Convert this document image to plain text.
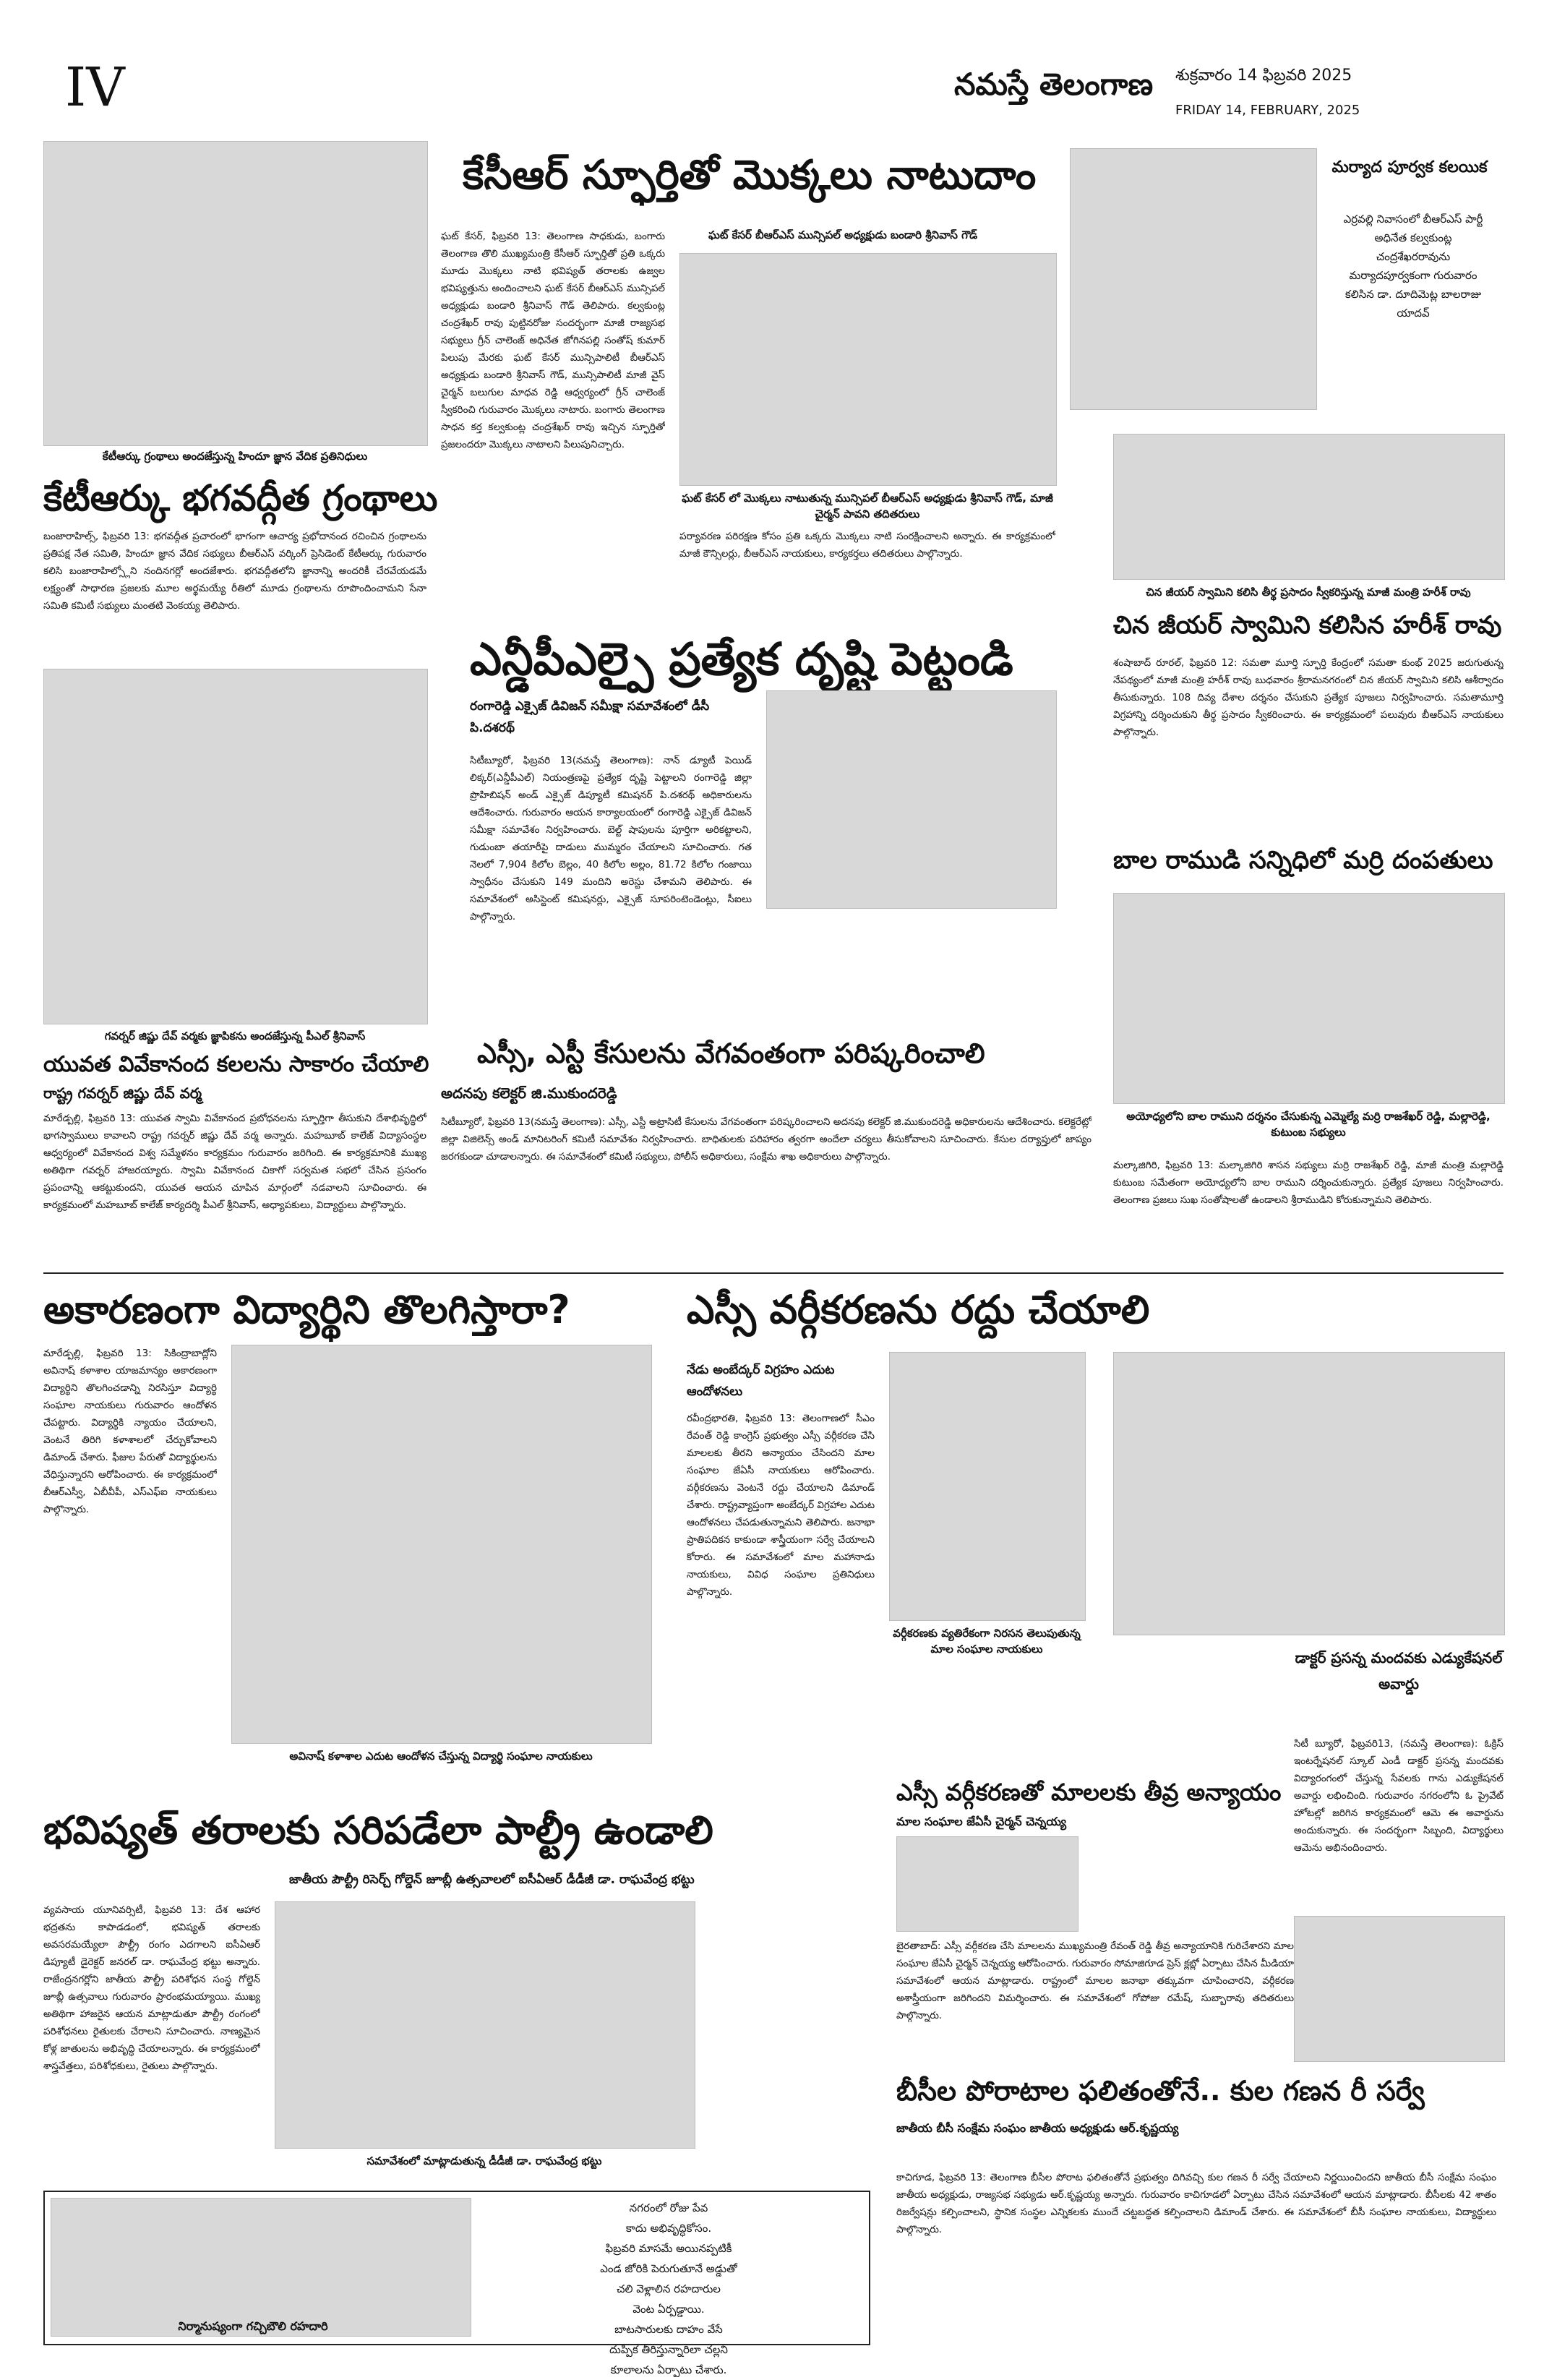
IV	నమస్తే తెలంగాణ శుక్రవారం 14 ఫిబ్రవరి 2025
FRIDAY 14, FEBRUARY, 2025
మర్యాద పూర్వక కలయిక
ఎర్రవల్లి నివాసంలో బీఆర్ఎస్ పార్టీ అధినేత కల్వకుంట్ల చంద్రశేఖరరావును మర్యాదపూర్వకంగా గురువారం కలిసిన డా. దూదిమెట్ల బాలరాజు యాదవ్
కేసీఆర్ స్ఫూర్తితో మొక్కలు నాటుదాం
ఘట్ కేసర్, ఫిబ్రవరి 13: తెలంగాణ సాధకుడు, బంగారు తెలంగాణ తొలి ముఖ్యమంత్రి కేసీఆర్ స్ఫూర్తితో ప్రతి ఒక్కరు మూడు మొక్కలు నాటి భవిష్యత్ తరాలకు ఉజ్వల భవిష్యత్తును అందించాలని ఘట్ కేసర్ బీఆర్ఎస్ మున్సిపల్ అధ్యక్షుడు బండారి శ్రీనివాస్ గౌడ్ తెలిపారు. కల్వకుంట్ల చంద్రశేఖర్ రావు పుట్టినరోజు సందర్భంగా మాజీ రాజ్యసభ సభ్యులు గ్రీన్ చాలెంజ్ అధినేత జోగినపల్లి సంతోష్ కుమార్ పిలుపు మేరకు ఘట్ కేసర్ మున్సిపాలిటీ బీఆర్ఎస్ అధ్యక్షుడు బండారి శ్రీనివాస్ గౌడ్, మున్సిపాలిటీ మాజీ వైస్ చైర్మన్ బలుగుల మాధవ రెడ్డి ఆధ్వర్యంలో గ్రీన్ చాలెంజ్ స్వీకరించి గురువారం మొక్కలు నాటారు. బంగారు తెలంగాణ సాధన కర్త కల్వకుంట్ల చంద్రశేఖర్ రావు ఇచ్చిన స్ఫూర్తితో ప్రజలందరూ మొక్కలు నాటాలని పిలుపునిచ్చారు.
ఘట్ కేసర్ బీఆర్ఎస్ మున్సిపల్ అధ్యక్షుడు బండారి శ్రీనివాస్ గౌడ్
ఘట్ కేసర్ లో మొక్కలు నాటుతున్న మున్సిపల్ బీఆర్ఎస్ అధ్యక్షుడు శ్రీనివాస్ గౌడ్, మాజీ చైర్మన్ పావని తదితరులు
పర్యావరణ పరిరక్షణ కోసం ప్రతి ఒక్కరు మొక్కలు నాటి సంరక్షించాలని అన్నారు. ఈ కార్యక్రమంలో మాజీ కౌన్సిలర్లు, బీఆర్ఎస్ నాయకులు, కార్యకర్తలు తదితరులు పాల్గొన్నారు.
కేటీఆర్కు గ్రంథాలు అందజేస్తున్న హిందూ జ్ఞాన వేదిక ప్రతినిధులు
కేటీఆర్కు భగవద్గీత గ్రంథాలు
బంజారాహిల్స్, ఫిబ్రవరి 13: భగవద్గీత ప్రచారంలో భాగంగా ఆచార్య ప్రభోదానంద రచించిన గ్రంథాలను ప్రతిపక్ష నేత సమితి, హిందూ జ్ఞాన వేదిక సభ్యులు బీఆర్ఎస్ వర్కింగ్ ప్రెసిడెంట్ కేటీఆర్కు గురువారం కలిసి బంజారాహిల్స్లోని నందినగర్లో అందజేశారు. భగవద్గీతలోని జ్ఞానాన్ని అందరికీ చేరవేయడమే లక్ష్యంతో సాధారణ ప్రజలకు మూల అర్థమయ్యే రీతిలో మూడు గ్రంథాలను రూపొందించామని సేనా సమితి కమిటీ సభ్యులు మంతటి వెంకయ్య తెలిపారు.
ఎన్డీపీఎల్పై ప్రత్యేక దృష్టి పెట్టండి
రంగారెడ్డి ఎక్సైజ్ డివిజన్ సమీక్షా సమావేశంలో డీసీ పి.దశరథ్
సిటీబ్యూరో, ఫిబ్రవరి 13(నమస్తే తెలంగాణ): నాన్ డ్యూటీ పెయిడ్ లిక్కర్(ఎన్డీపీఎల్) నియంత్రణపై ప్రత్యేక దృష్టి పెట్టాలని రంగారెడ్డి జిల్లా ప్రొహిబిషన్ అండ్ ఎక్సైజ్ డిప్యూటీ కమిషనర్ పి.దశరథ్ అధికారులను ఆదేశించారు. గురువారం ఆయన కార్యాలయంలో రంగారెడ్డి ఎక్సైజ్ డివిజన్ సమీక్షా సమావేశం నిర్వహించారు. బెల్ట్ షాపులను పూర్తిగా అరికట్టాలని, గుడుంబా తయారీపై దాడులు ముమ్మరం చేయాలని సూచించారు. గత నెలలో 7,904 కిలోల బెల్లం, 40 కిలోల అల్లం, 81.72 కిలోల గంజాయి స్వాధీనం చేసుకుని 149 మందిని అరెస్టు చేశామని తెలిపారు. ఈ సమావేశంలో అసిస్టెంట్ కమిషనర్లు, ఎక్సైజ్ సూపరింటెండెంట్లు, సీఐలు పాల్గొన్నారు.
గవర్నర్ జిష్ణు దేవ్ వర్మకు జ్ఞాపికను అందజేస్తున్న పీఎల్ శ్రీనివాస్
యువత వివేకానంద కలలను సాకారం చేయాలి
రాష్ట్ర గవర్నర్ జిష్ణు దేవ్ వర్మ
మారేడ్పల్లి, ఫిబ్రవరి 13: యువత స్వామి వివేకానంద ప్రబోధనలను స్ఫూర్తిగా తీసుకుని దేశాభివృద్ధిలో భాగస్వాములు కావాలని రాష్ట్ర గవర్నర్ జిష్ణు దేవ్ వర్మ అన్నారు. మహబూబ్ కాలేజ్ విద్యాసంస్థల ఆధ్వర్యంలో వివేకానంద విశ్వ సమ్మేళనం కార్యక్రమం గురువారం జరిగింది. ఈ కార్యక్రమానికి ముఖ్య అతిథిగా గవర్నర్ హాజరయ్యారు. స్వామి వివేకానంద చికాగో సర్వమత సభలో చేసిన ప్రసంగం ప్రపంచాన్ని ఆకట్టుకుందని, యువత ఆయన చూపిన మార్గంలో నడవాలని సూచించారు. ఈ కార్యక్రమంలో మహబూబ్ కాలేజ్ కార్యదర్శి పీఎల్ శ్రీనివాస్, అధ్యాపకులు, విద్యార్థులు పాల్గొన్నారు.
చిన జీయర్ స్వామిని కలిసి తీర్థ ప్రసాదం స్వీకరిస్తున్న మాజీ మంత్రి హరీశ్ రావు
చిన జీయర్ స్వామిని కలిసిన హరీశ్ రావు
శంషాబాద్ రూరల్, ఫిబ్రవరి 12: సమతా మూర్తి స్ఫూర్తి కేంద్రంలో సమతా కుంభ్ 2025 జరుగుతున్న నేపథ్యంలో మాజీ మంత్రి హరీశ్ రావు బుధవారం శ్రీరామనగరంలో చిన జీయర్ స్వామిని కలిసి ఆశీర్వాదం తీసుకున్నారు. 108 దివ్య దేశాల దర్శనం చేసుకుని ప్రత్యేక పూజలు నిర్వహించారు. సమతామూర్తి విగ్రహాన్ని దర్శించుకుని తీర్థ ప్రసాదం స్వీకరించారు. ఈ కార్యక్రమంలో పలువురు బీఆర్ఎస్ నాయకులు పాల్గొన్నారు.
బాల రాముడి సన్నిధిలో మర్రి దంపతులు
అయోధ్యలోని బాల రాముని దర్శనం చేసుకున్న ఎమ్మెల్యే మర్రి రాజశేఖర్ రెడ్డి, మల్లారెడ్డి, కుటుంబ సభ్యులు
మల్కాజిగిరి, ఫిబ్రవరి 13: మల్కాజిగిరి శాసన సభ్యులు మర్రి రాజశేఖర్ రెడ్డి, మాజీ మంత్రి మల్లారెడ్డి కుటుంబ సమేతంగా అయోధ్యలోని బాల రాముని దర్శించుకున్నారు. ప్రత్యేక పూజలు నిర్వహించారు. తెలంగాణ ప్రజలు సుఖ సంతోషాలతో ఉండాలని శ్రీరాముడిని కోరుకున్నామని తెలిపారు.
ఎస్సీ, ఎస్టీ కేసులను వేగవంతంగా పరిష్కరించాలి
అదనపు కలెక్టర్ జి.ముకుందరెడ్డి
సిటీబ్యూరో, ఫిబ్రవరి 13(నమస్తే తెలంగాణ): ఎస్సీ, ఎస్టీ అట్రాసిటీ కేసులను వేగవంతంగా పరిష్కరించాలని అదనపు కలెక్టర్ జి.ముకుందరెడ్డి అధికారులను ఆదేశించారు. కలెక్టరేట్లో జిల్లా విజిలెన్స్ అండ్ మానిటరింగ్ కమిటీ సమావేశం నిర్వహించారు. బాధితులకు పరిహారం త్వరగా అందేలా చర్యలు తీసుకోవాలని సూచించారు. కేసుల దర్యాప్తులో జాప్యం జరగకుండా చూడాలన్నారు. ఈ సమావేశంలో కమిటీ సభ్యులు, పోలీస్ అధికారులు, సంక్షేమ శాఖ అధికారులు పాల్గొన్నారు.
అకారణంగా విద్యార్థిని తొలగిస్తారా?
మారేడ్పల్లి, ఫిబ్రవరి 13: సికింద్రాబాద్లోని అవినాష్ కళాశాల యాజమాన్యం అకారణంగా విద్యార్థిని తొలగించడాన్ని నిరసిస్తూ విద్యార్థి సంఘాల నాయకులు గురువారం ఆందోళన చేపట్టారు. విద్యార్థికి న్యాయం చేయాలని, వెంటనే తిరిగి కళాశాలలో చేర్చుకోవాలని డిమాండ్ చేశారు. ఫీజుల పేరుతో విద్యార్థులను వేధిస్తున్నారని ఆరోపించారు. ఈ కార్యక్రమంలో బీఆర్ఎస్వీ, ఏబీవీపీ, ఎస్ఎఫ్ఐ నాయకులు పాల్గొన్నారు.
అవినాష్ కళాశాల ఎదుట ఆందోళన చేస్తున్న విద్యార్థి సంఘాల నాయకులు
ఎస్సీ వర్గీకరణను రద్దు చేయాలి
నేడు అంబేద్కర్ విగ్రహం ఎదుట ఆందోళనలు
రవీంద్రభారతి, ఫిబ్రవరి 13: తెలంగాణలో సీఎం రేవంత్ రెడ్డి కాంగ్రెస్ ప్రభుత్వం ఎస్సీ వర్గీకరణ చేసి మాలలకు తీరని అన్యాయం చేసిందని మాల సంఘాల జేఏసీ నాయకులు ఆరోపించారు. వర్గీకరణను వెంటనే రద్దు చేయాలని డిమాండ్ చేశారు. రాష్ట్రవ్యాప్తంగా అంబేద్కర్ విగ్రహాల ఎదుట ఆందోళనలు చేపడుతున్నామని తెలిపారు. జనాభా ప్రాతిపదికన కాకుండా శాస్త్రీయంగా సర్వే చేయాలని కోరారు. ఈ సమావేశంలో మాల మహానాడు నాయకులు, వివిధ సంఘాల ప్రతినిధులు పాల్గొన్నారు.
వర్గీకరణకు వ్యతిరేకంగా నిరసన తెలుపుతున్న మాల సంఘాల నాయకులు	డాక్టర్ ప్రసన్న మందవకు ఎడ్యుకేషనల్ అవార్డు
సిటీ బ్యూరో, ఫిబ్రవరి13, (నమస్తే తెలంగాణ): ఓక్రిస్ ఇంటర్నేషనల్ స్కూల్ ఎండీ డాక్టర్ ప్రసన్న మందవకు విద్యారంగంలో చేస్తున్న సేవలకు గాను ఎడ్యుకేషనల్ అవార్డు లభించింది. గురువారం నగరంలోని ఓ ప్రైవేట్ హోటల్లో జరిగిన కార్యక్రమంలో ఆమె ఈ అవార్డును అందుకున్నారు. ఈ సందర్భంగా సిబ్బంది, విద్యార్థులు ఆమెను అభినందించారు.
ఎస్సీ వర్గీకరణతో మాలలకు తీవ్ర అన్యాయం
మాల సంఘాల జేఏసీ చైర్మన్ చెన్నయ్య
బైరతాబాద్: ఎస్సీ వర్గీకరణ చేసి మాలలను ముఖ్యమంత్రి రేవంత్ రెడ్డి తీవ్ర అన్యాయానికి గురిచేశారని మాల సంఘాల జేఏసీ చైర్మన్ చెన్నయ్య ఆరోపించారు. గురువారం సోమాజిగూడ ప్రెస్ క్లబ్లో ఏర్పాటు చేసిన మీడియా సమావేశంలో ఆయన మాట్లాడారు. రాష్ట్రంలో మాలల జనాభా తక్కువగా చూపించారని, వర్గీకరణ అశాస్త్రీయంగా జరిగిందని విమర్శించారు. ఈ సమావేశంలో గోపోజు రమేష్, సుబ్బారావు తదితరులు పాల్గొన్నారు.
భవిష్యత్ తరాలకు సరిపడేలా పాల్ట్రీ ఉండాలి
జాతీయ పౌల్ట్రీ రిసెర్చ్ గోల్డెన్ జూబ్లీ ఉత్సవాలలో ఐసీఏఆర్ డీడీజీ డా. రాఘవేంద్ర భట్టు
వ్యవసాయ యూనివర్సిటీ, ఫిబ్రవరి 13: దేశ ఆహార భద్రతను కాపాడడంలో, భవిష్యత్ తరాలకు అవసరమయ్యేలా పౌల్ట్రీ రంగం ఎదగాలని ఐసీఏఆర్ డిప్యూటీ డైరెక్టర్ జనరల్ డా. రాఘవేంద్ర భట్టు అన్నారు. రాజేంద్రనగర్లోని జాతీయ పౌల్ట్రీ పరిశోధన సంస్థ గోల్డెన్ జూబ్లీ ఉత్సవాలు గురువారం ప్రారంభమయ్యాయి. ముఖ్య అతిథిగా హాజరైన ఆయన మాట్లాడుతూ పౌల్ట్రీ రంగంలో పరిశోధనలు రైతులకు చేరాలని సూచించారు. నాణ్యమైన కోళ్ల జాతులను అభివృద్ధి చేయాలన్నారు. ఈ కార్యక్రమంలో శాస్త్రవేత్తలు, పరిశోధకులు, రైతులు పాల్గొన్నారు.
సమావేశంలో మాట్లాడుతున్న డీడీజీ డా. రాఘవేంద్ర భట్టు
నగరంలో రోజు పేవ
కాదు అభివృద్ధికోసం.
ఫిబ్రవరి మాసమే అయినప్పటికీ
ఎండ జోరికి పెరుగుతూనే అడ్డుతో
చలి వెళ్లాలిన రహదారుల
వెంట ఏర్పడ్డాయి.
బాటసారులకు దాహం వేసే
దుప్పిక తీరిస్తున్నారిలా చల్లని
కూలాలను ఏర్పాటు చేశారు.
నిర్మానుష్యంగా గచ్చిబౌలి రహదారి
బీసీల పోరాటాల ఫలితంతోనే.. కుల గణన రీ సర్వే
జాతీయ బీసీ సంక్షేమ సంఘం జాతీయ అధ్యక్షుడు ఆర్.కృష్ణయ్య
కాచిగూడ, ఫిబ్రవరి 13: తెలంగాణ బీసీల పోరాట ఫలితంతోనే ప్రభుత్వం దిగివచ్చి కుల గణన రీ సర్వే చేయాలని నిర్ణయించిందని జాతీయ బీసీ సంక్షేమ సంఘం జాతీయ అధ్యక్షుడు, రాజ్యసభ సభ్యుడు ఆర్.కృష్ణయ్య అన్నారు. గురువారం కాచిగూడలో ఏర్పాటు చేసిన సమావేశంలో ఆయన మాట్లాడారు. బీసీలకు 42 శాతం రిజర్వేషన్లు కల్పించాలని, స్థానిక సంస్థల ఎన్నికలకు ముందే చట్టబద్ధత కల్పించాలని డిమాండ్ చేశారు. ఈ సమావేశంలో బీసీ సంఘాల నాయకులు, విద్యార్థులు పాల్గొన్నారు.
